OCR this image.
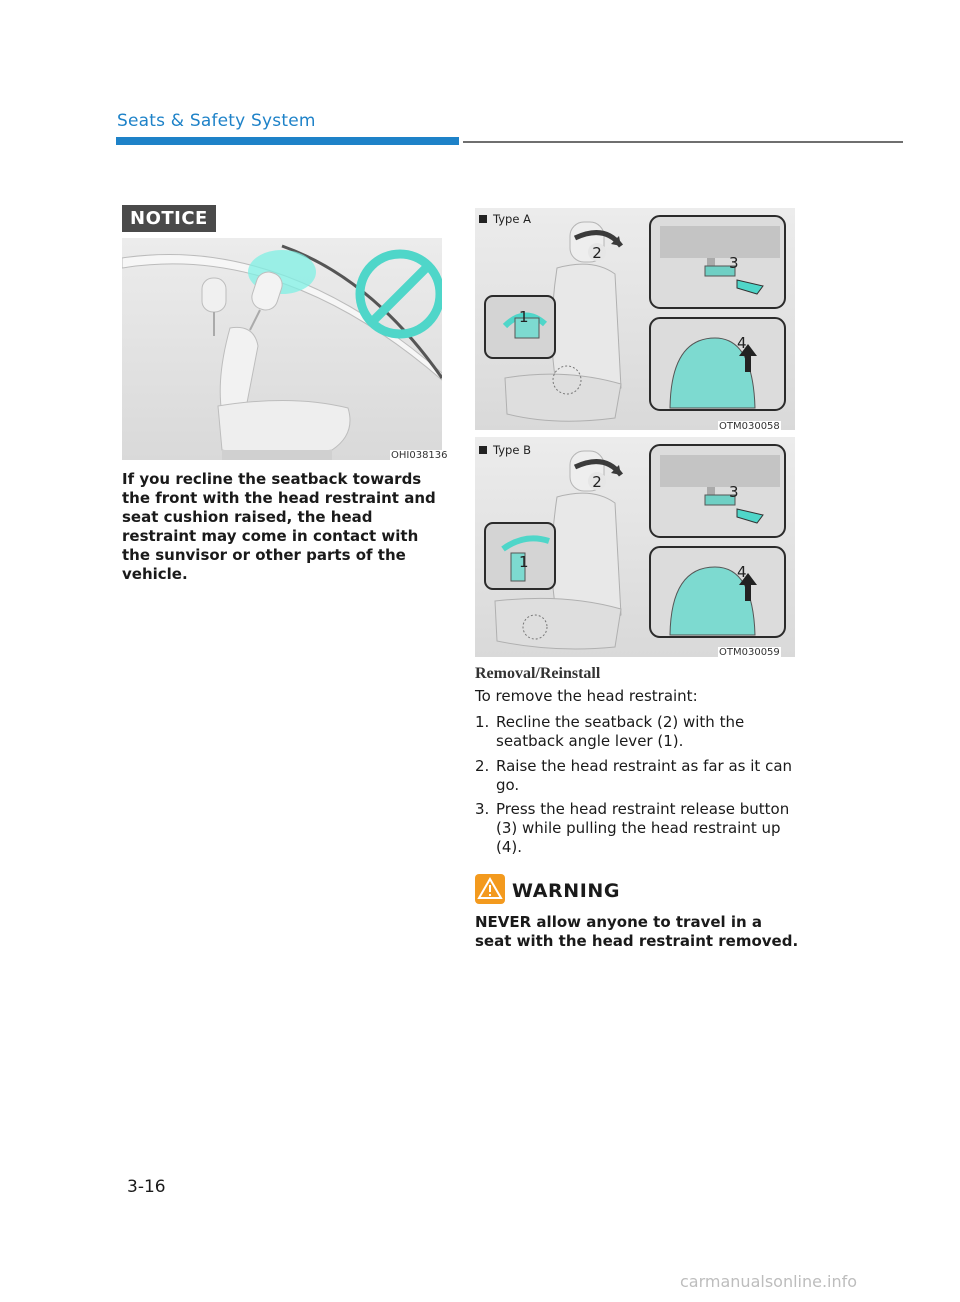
Seats & Safety System
NOTICE
OHI038136
If you recline the seatback towards the front with the head restraint and seat cushion raised, the head restraint may come in contact with the sunvisor or other parts of the vehicle.
2
1
3
4
Type A
OTM030058
2
1
3
4
Type B
OTM030059
Removal/Reinstall
To remove the head restraint:
1. Recline the seatback (2) with the seatback angle lever (1).
2. Raise the head restraint as far as it can go.
3. Press the head restraint release button (3) while pulling the head restraint up (4).
WARNING
NEVER allow anyone to travel in a seat with the head restraint removed.
3-16
carmanualsonline.info
